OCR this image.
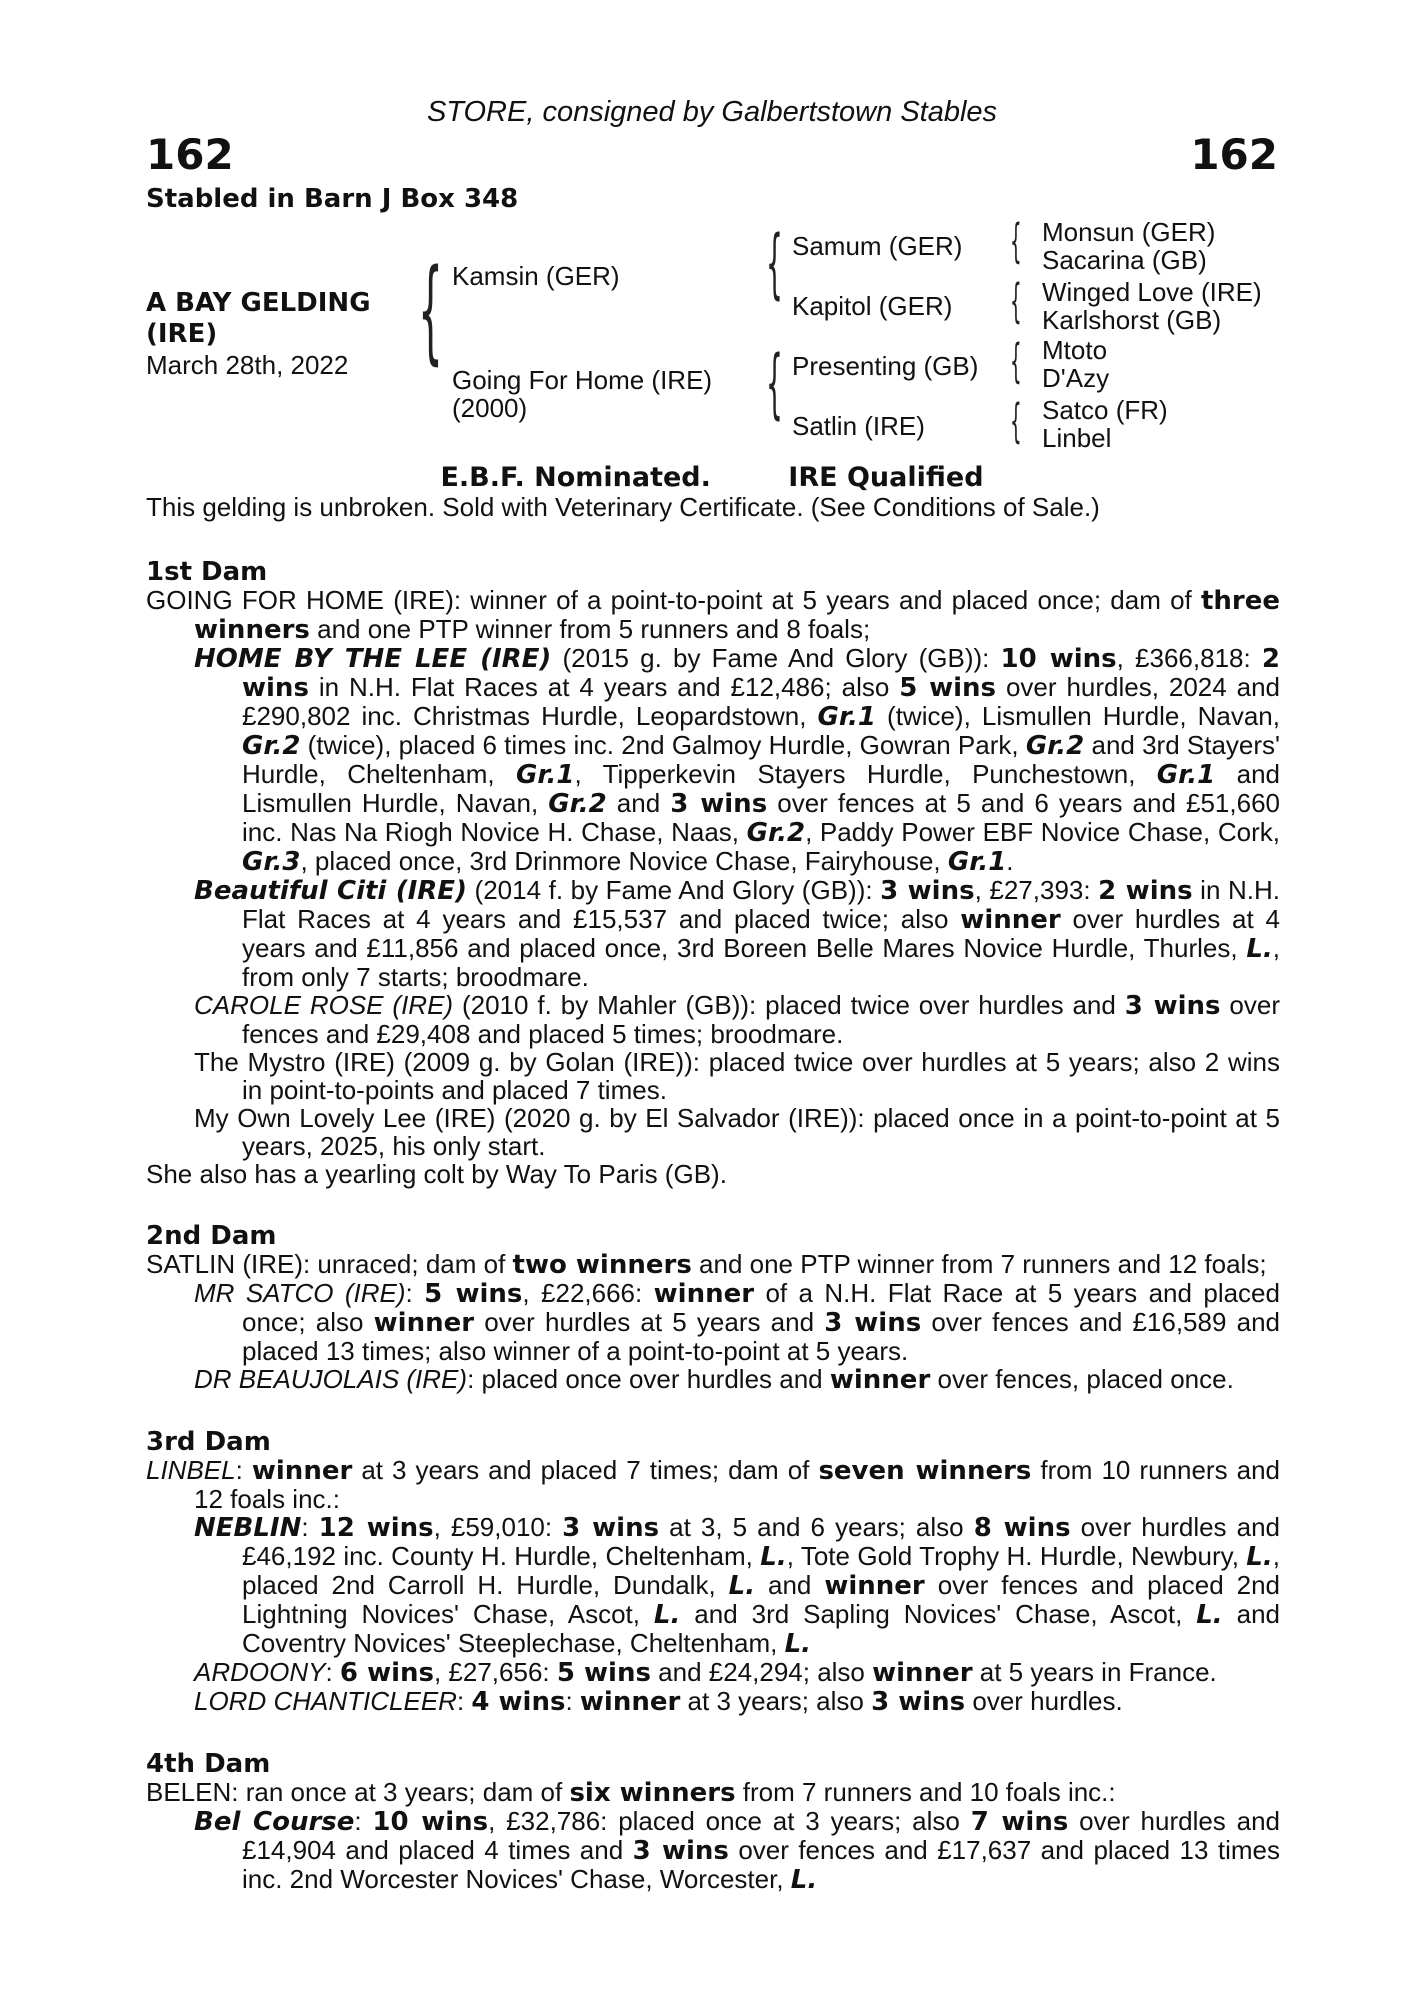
STORE, consigned by Galbertstown Stables
162	162
Stabled in Barn J Box 348
A BAY GELDING
(IRE)
March 28th, 2022 {	{
{
{
{
{
{
Kamsin (GER)
Going For Home (IRE)
(2000)
Samum (GER)
Kapitol (GER)
Presenting (GB)
Satlin (IRE)
Monsun (GER)
Sacarina (GB)
Winged Love (IRE)
Karlshorst (GB)
Mtoto
D'Azy
Satco (FR)
Linbel
E.B.F. Nominated.	IRE Qualified
This gelding is unbroken. Sold with Veterinary Certificate. (See Conditions of Sale.)
1st Dam

GOING FOR HOME (IRE): winner of a point-to-point at 5 years and placed once; dam of three winners and one PTP winner from 5 runners and 8 foals;

HOME BY THE LEE (IRE) (2015 g. by Fame And Glory (GB)): 10 wins, £366,818: 2 wins in N.H. Flat Races at 4 years and £12,486; also 5 wins over hurdles, 2024 and £290,802 inc. Christmas Hurdle, Leopardstown, Gr.1 (twice), Lismullen Hurdle, Navan, Gr.2 (twice), placed 6 times inc. 2nd Galmoy Hurdle, Gowran Park, Gr.2 and 3rd Stayers' Hurdle, Cheltenham, Gr.1, Tipperkevin Stayers Hurdle, Punchestown, Gr.1 and Lismullen Hurdle, Navan, Gr.2 and 3 wins over fences at 5 and 6 years and £51,660 inc. Nas Na Riogh Novice H. Chase, Naas, Gr.2, Paddy Power EBF Novice Chase, Cork, Gr.3, placed once, 3rd Drinmore Novice Chase, Fairyhouse, Gr.1.

Beautiful Citi (IRE) (2014 f. by Fame And Glory (GB)): 3 wins, £27,393: 2 wins in N.H. Flat Races at 4 years and £15,537 and placed twice; also winner over hurdles at 4 years and £11,856 and placed once, 3rd Boreen Belle Mares Novice Hurdle, Thurles, L., from only 7 starts; broodmare.

CAROLE ROSE (IRE) (2010 f. by Mahler (GB)): placed twice over hurdles and 3 wins over fences and £29,408 and placed 5 times; broodmare.

The Mystro (IRE) (2009 g. by Golan (IRE)): placed twice over hurdles at 5 years; also 2 wins in point-to-points and placed 7 times.

My Own Lovely Lee (IRE) (2020 g. by El Salvador (IRE)): placed once in a point-to-point at 5 years, 2025, his only start.

She also has a yearling colt by Way To Paris (GB).

2nd Dam

SATLIN (IRE): unraced; dam of two winners and one PTP winner from 7 runners and 12 foals;

MR SATCO (IRE): 5 wins, £22,666: winner of a N.H. Flat Race at 5 years and placed once; also winner over hurdles at 5 years and 3 wins over fences and £16,589 and placed 13 times; also winner of a point-to-point at 5 years.

DR BEAUJOLAIS (IRE): placed once over hurdles and winner over fences, placed once.

3rd Dam

LINBEL: winner at 3 years and placed 7 times; dam of seven winners from 10 runners and 12 foals inc.:

NEBLIN: 12 wins, £59,010: 3 wins at 3, 5 and 6 years; also 8 wins over hurdles and £46,192 inc. County H. Hurdle, Cheltenham, L., Tote Gold Trophy H. Hurdle, Newbury, L., placed 2nd Carroll H. Hurdle, Dundalk, L. and winner over fences and placed 2nd Lightning Novices' Chase, Ascot, L. and 3rd Sapling Novices' Chase, Ascot, L. and Coventry Novices' Steeplechase, Cheltenham, L.

ARDOONY: 6 wins, £27,656: 5 wins and £24,294; also winner at 5 years in France.

LORD CHANTICLEER: 4 wins: winner at 3 years; also 3 wins over hurdles.

4th Dam

BELEN: ran once at 3 years; dam of six winners from 7 runners and 10 foals inc.:

Bel Course: 10 wins, £32,786: placed once at 3 years; also 7 wins over hurdles and £14,904 and placed 4 times and 3 wins over fences and £17,637 and placed 13 times inc. 2nd Worcester Novices' Chase, Worcester, L.
